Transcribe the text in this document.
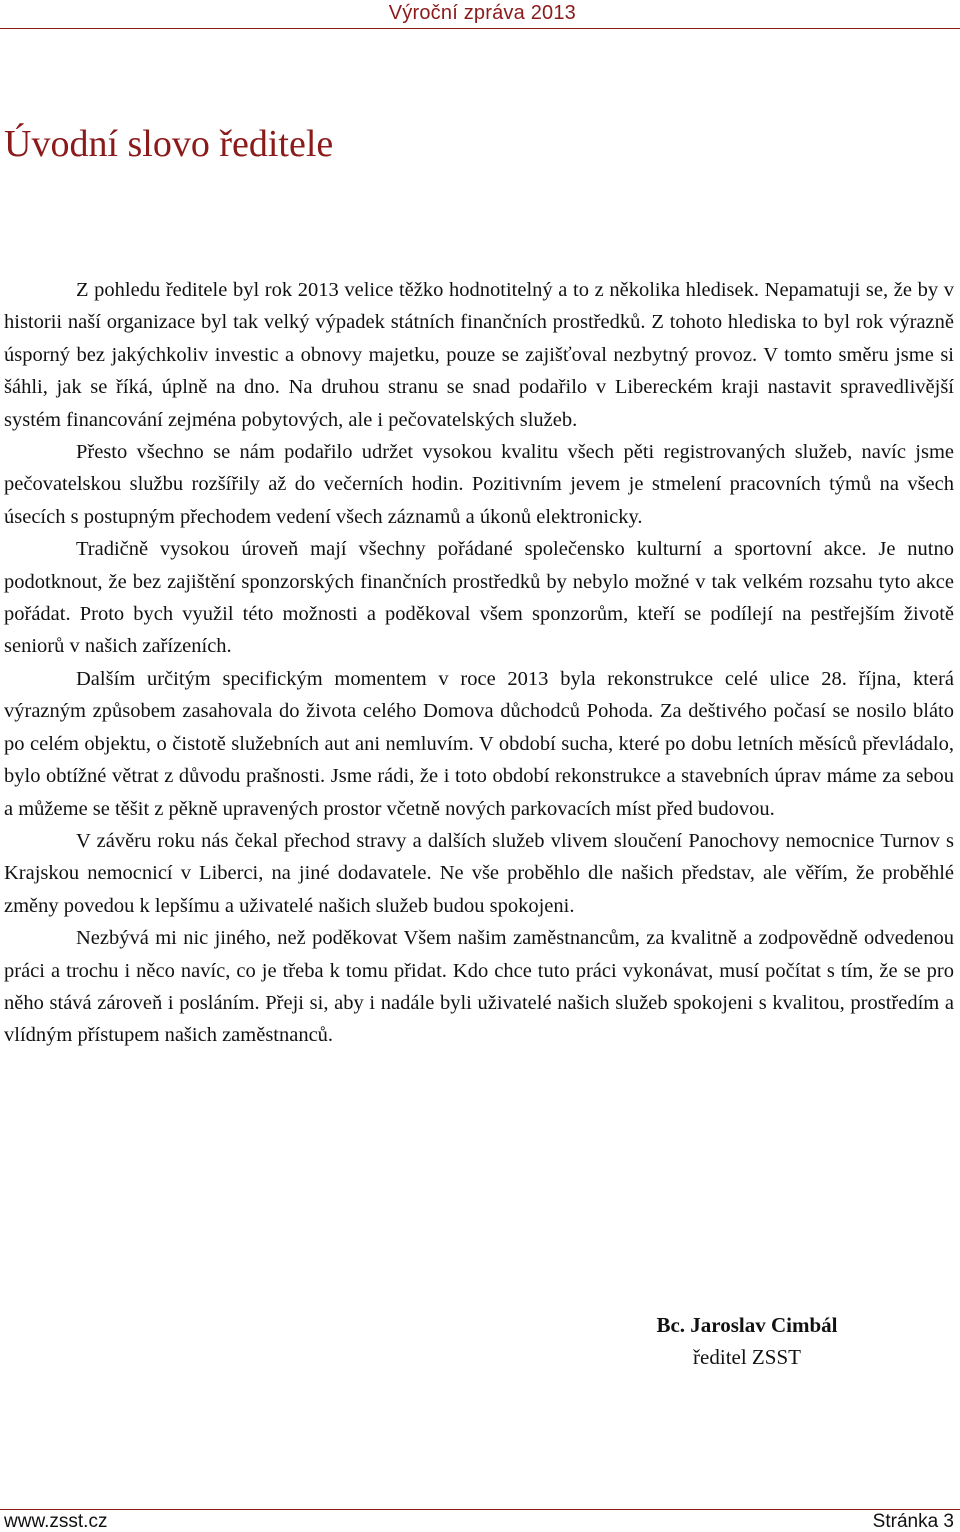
Výroční zpráva 2013
Úvodní slovo ředitele

Z pohledu ředitele byl rok 2013 velice těžko hodnotitelný a to z několika hledisek. Nepamatuji se, že by v historii naší organizace byl tak velký výpadek státních finančních prostředků. Z tohoto hlediska to byl rok výrazně úsporný bez jakýchkoliv investic a obnovy majetku, pouze se zajišťoval nezbytný provoz. V tomto směru jsme si šáhli, jak se říká, úplně na dno. Na druhou stranu se snad podařilo v Libereckém kraji nastavit spravedlivější systém financování zejména pobytových, ale i pečovatelských služeb.

Přesto všechno se nám podařilo udržet vysokou kvalitu všech pěti registrovaných služeb, navíc jsme pečovatelskou službu rozšířily až do večerních hodin. Pozitivním jevem je stmelení pracovních týmů na všech úsecích s postupným přechodem vedení všech záznamů a úkonů elektronicky.

Tradičně vysokou úroveň mají všechny pořádané společensko kulturní a sportovní akce. Je nutno podotknout, že bez zajištění sponzorských finančních prostředků by nebylo možné v tak velkém rozsahu tyto akce pořádat. Proto bych využil této možnosti a poděkoval všem sponzorům, kteří se podílejí na pestřejším životě seniorů v našich zařízeních.

Dalším určitým specifickým momentem v roce 2013 byla rekonstrukce celé ulice 28. října, která výrazným způsobem zasahovala do života celého Domova důchodců Pohoda. Za deštivého počasí se nosilo bláto po celém objektu, o čistotě služebních aut ani nemluvím. V období sucha, které po dobu letních měsíců převládalo, bylo obtížné větrat z důvodu prašnosti. Jsme rádi, že i toto období rekonstrukce a stavebních úprav máme za sebou a můžeme se těšit z pěkně upravených prostor včetně nových parkovacích míst před budovou.

V závěru roku nás čekal přechod stravy a dalších služeb vlivem sloučení Panochovy nemocnice Turnov s Krajskou nemocnicí v Liberci, na jiné dodavatele. Ne vše proběhlo dle našich představ, ale věřím, že proběhlé změny povedou k lepšímu a uživatelé našich služeb budou spokojeni.

Nezbývá mi nic jiného, než poděkovat Všem našim zaměstnancům, za kvalitně a zodpovědně odvedenou práci a trochu i něco navíc, co je třeba k tomu přidat. Kdo chce tuto práci vykonávat, musí počítat s tím, že se pro něho stává zároveň i posláním. Přeji si, aby i nadále byli uživatelé našich služeb spokojeni s kvalitou, prostředím a vlídným přístupem našich zaměstnanců.

Bc. Jaroslav Cimbál
ředitel ZSST
www.zsst.cz	Stránka 3
